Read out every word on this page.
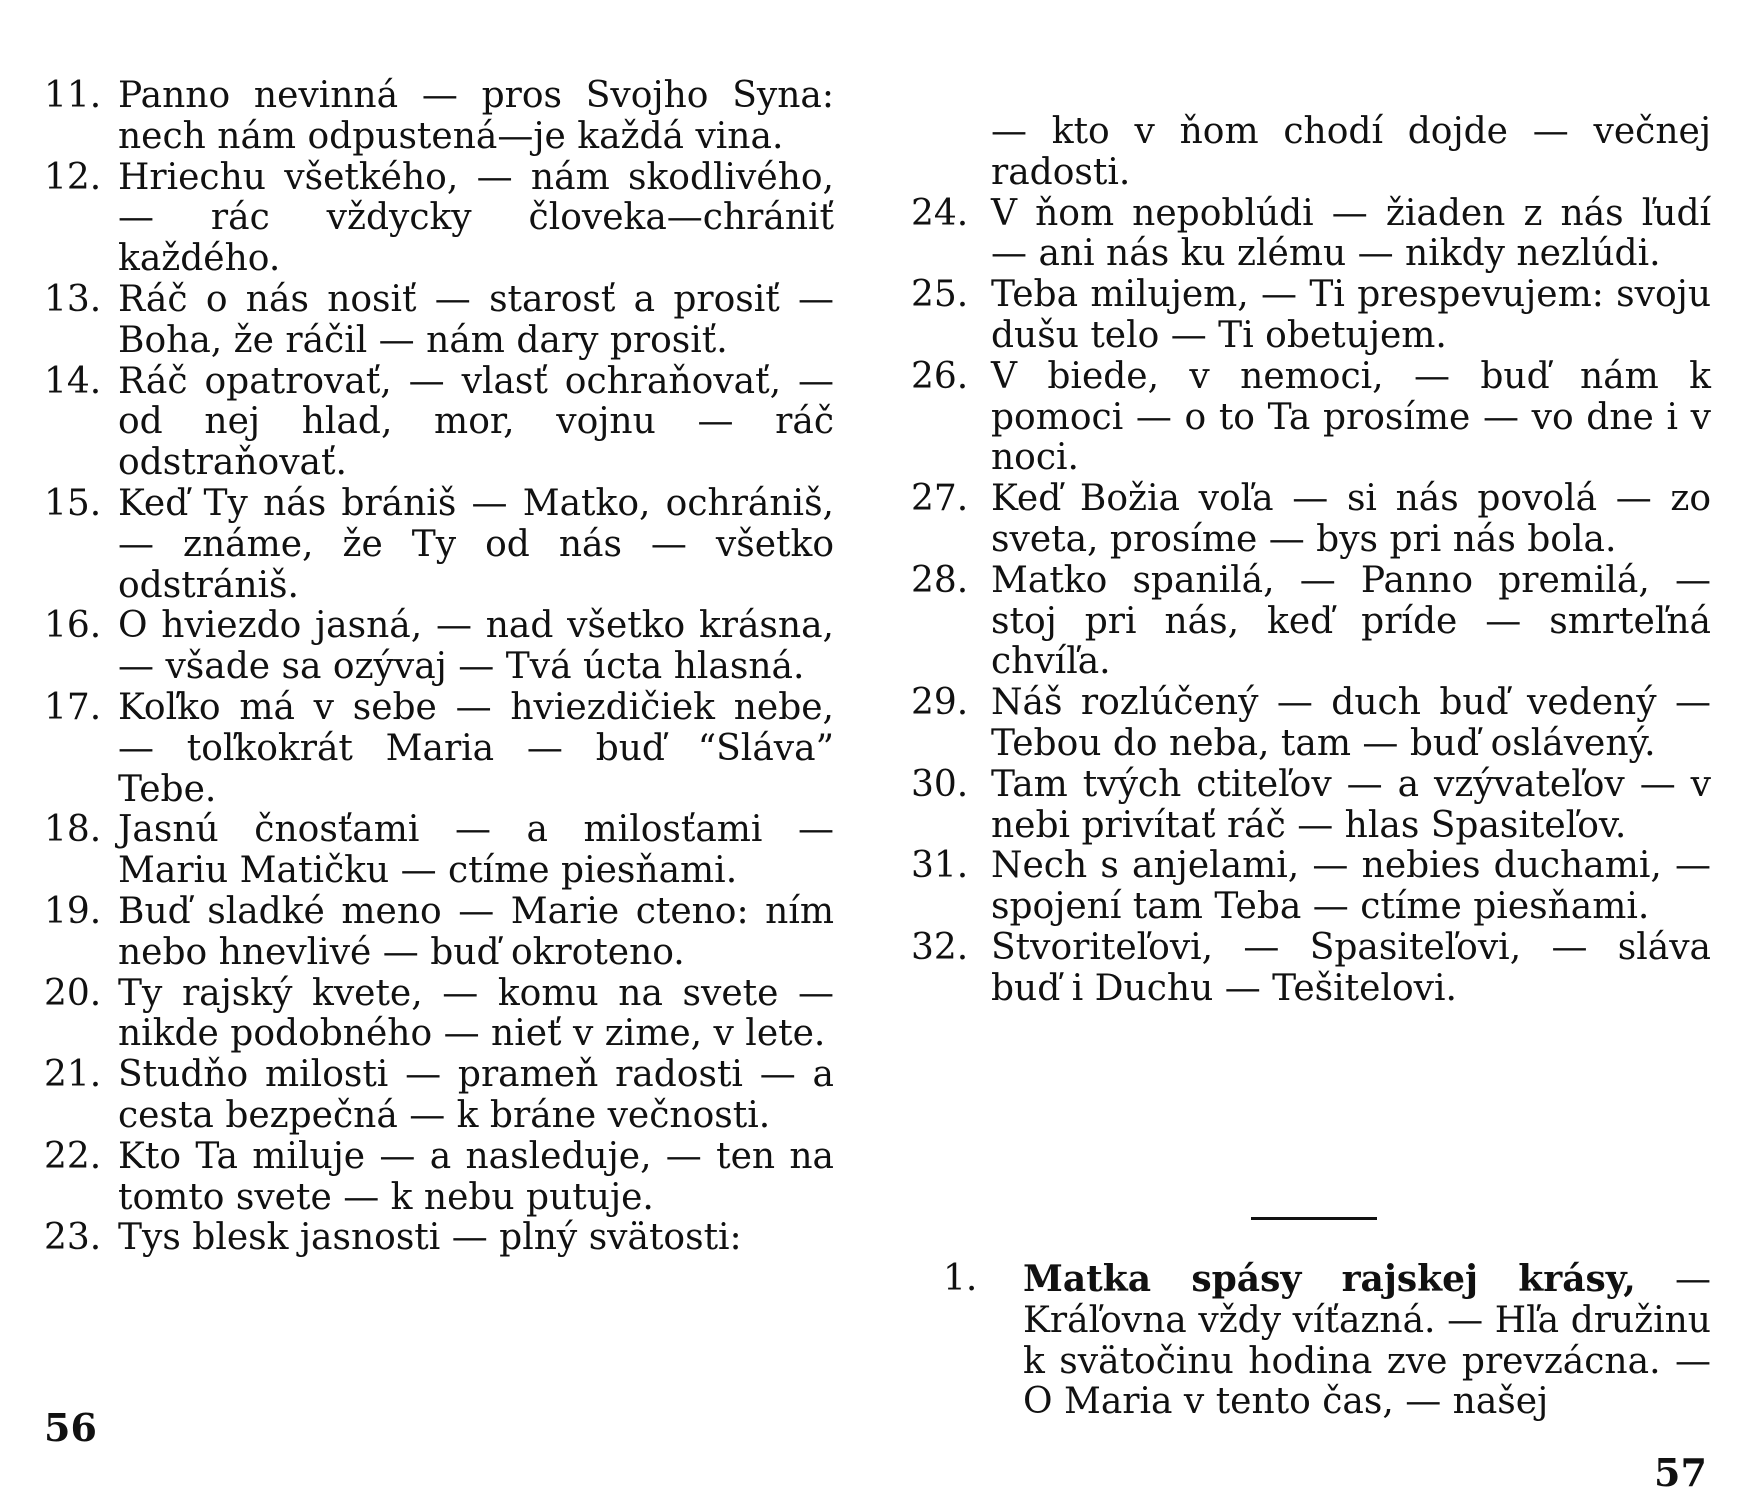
11. Panno nevinná — pros Svojho Syna: nech nám odpustená—je každá vina.
12. Hriechu všetkého, — nám skodlivého, — rác vždycky človeka—chrániť každého.
13. Ráč o nás nosiť — starosť a prosiť — Boha, že ráčil — nám dary prosiť.
14. Ráč opatrovať, — vlasť ochraňovať, — od nej hlad, mor, vojnu — ráč odstraňovať.
15. Keď Ty nás brániš — Matko, ochrániš, — známe, že Ty od nás — všetko odstrániš.
16. O hviezdo jasná, — nad všetko krásna, — všade sa ozývaj — Tvá úcta hlasná.
17. Koľko má v sebe — hviezdičiek nebe, — toľkokrát Maria — buď “Sláva” Tebe.
18. Jasnú čnosťami — a milosťami — Mariu Matičku — ctíme piesňami.
19. Buď sladké meno — Marie cteno: ním nebo hnevlivé — buď okroteno.
20. Ty rajský kvete, — komu na svete — nikde podobného — nieť v zime, v lete.
21. Studňo milosti — prameň radosti — a cesta bezpečná — k bráne večnosti.
22. Kto Ta miluje — a nasleduje, — ten na tomto svete — k nebu putuje.
23. Tys blesk jasnosti — plný svätosti:
56
— kto v ňom chodí dojde — večnej radosti.
24. V ňom nepoblúdi — žiaden z nás ľudí — ani nás ku zlému — nikdy nezlúdi.
25. Teba milujem, — Ti prespevujem: svoju dušu telo — Ti obetujem.
26. V biede, v nemoci, — buď nám k pomoci — o to Ta prosíme — vo dne i v noci.
27. Keď Božia voľa — si nás povolá — zo sveta, prosíme — bys pri nás bola.
28. Matko spanilá, — Panno premilá, — stoj pri nás, keď príde — smrteľná chvíľa.
29. Náš rozlúčený — duch buď vedený — Tebou do neba, tam — buď oslávený.
30. Tam tvých ctiteľov — a vzývateľov — v nebi privítať ráč — hlas Spasiteľov.
31. Nech s anjelami, — nebies duchami, — spojení tam Teba — ctíme piesňami.
32. Stvoriteľovi, — Spasiteľovi, — sláva buď i Duchu — Tešitelovi.
1.	Matka spásy rajskej krásy, — Kráľovna vždy víťazná. — Hľa družinu k svätočinu hodina zve prevzácna. — O Maria v tento čas, — našej
57
